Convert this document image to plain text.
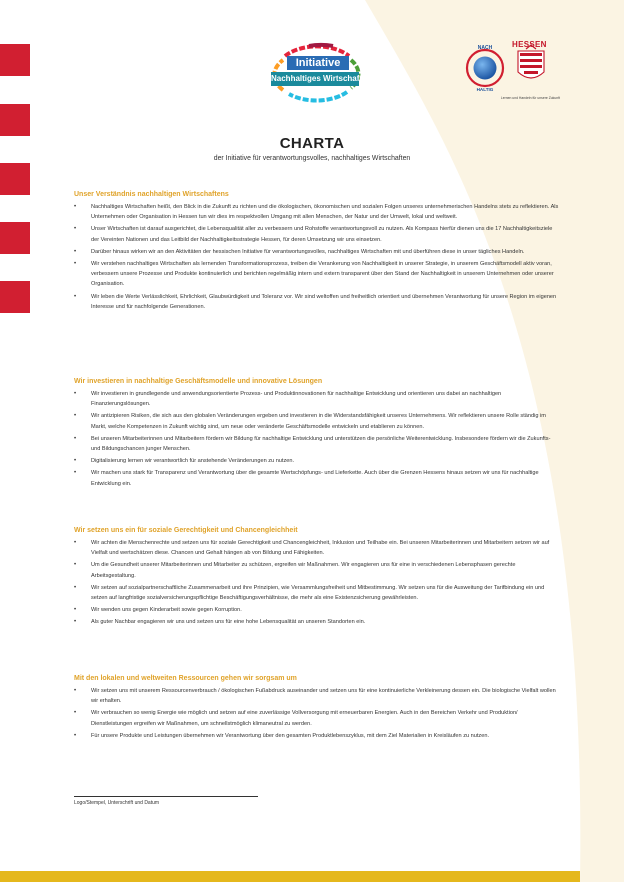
Initiative
Nachhaltiges Wirtschaften
NACH
HALTIG
HESSEN
Lernen und Handeln für unsere Zukunft
CHARTA
der Initiative für verantwortungsvolles, nachhaltiges Wirtschaften
Unser Verständnis nachhaltigen Wirtschaftens
•	Nachhaltiges Wirtschaften heißt, den Blick in die Zukunft zu richten und die ökologischen, ökonomischen und sozialen Folgen unseres unternehmerischen Handelns stets zu reflektieren. Als Unternehmen oder Organisation in Hessen tun wir dies im respektvollen Umgang mit allen Menschen, der Natur und der Umwelt, lokal und weltweit.
•	Unser Wirtschaften ist darauf ausgerichtet, die Lebensqualität aller zu verbessern und Rohstoffe verantwortungsvoll zu nutzen. Als Kompass hierfür dienen uns die 17 Nachhaltigkeitsziele der Vereinten Nationen und das Leitbild der Nachhaltigkeitsstrategie Hessen, für deren Umsetzung wir uns einsetzen.
•	Darüber hinaus wirken wir an den Aktivitäten der hessischen Initiative für verantwortungsvolles, nachhaltiges Wirtschaften mit und überführen diese in unser tägliches Handeln.
•	Wir verstehen nachhaltiges Wirtschaften als lernenden Transformationsprozess, treiben die Verankerung von Nachhaltigkeit in unserer Strategie, in unserem Geschäftsmodell aktiv voran, verbessern unsere Prozesse und Produkte kontinuierlich und berichten regelmäßig intern und extern transparent über den Stand der Nachhaltigkeit in unserem Unternehmen oder unserer Organisation.
•	Wir leben die Werte Verlässlichkeit, Ehrlichkeit, Glaubwürdigkeit und Toleranz vor. Wir sind weltoffen und freiheitlich orientiert und übernehmen Verantwortung für unsere Region im eigenen Interesse und für nachfolgende Generationen.
Wir investieren in nachhaltige Geschäftsmodelle und innovative Lösungen
•	Wir investieren in grundlegende und anwendungsorientierte Prozess- und Produktinnovationen für nachhaltige Entwicklung und orientieren uns dabei an nachhaltigen Finanzierungslösungen.
•	Wir antizipieren Risiken, die sich aus den globalen Veränderungen ergeben und investieren in die Widerstandsfähigkeit unseres Unternehmens. Wir reflektieren unsere Rolle ständig im Markt, welche Kompetenzen in Zukunft wichtig sind, um neue oder veränderte Geschäftsmodelle entwickeln und etablieren zu können.
•	Bei unseren Mitarbeiterinnen und Mitarbeitern fördern wir Bildung für nachhaltige Entwicklung und unterstützen die persönliche Weiterentwicklung. Insbesondere fördern wir die Zukunfts- und Bildungschancen junger Menschen.
•	Digitalisierung lernen wir verantwortlich für anstehende Veränderungen zu nutzen.
•	Wir machen uns stark für Transparenz und Verantwortung über die gesamte Wertschöpfungs- und Lieferkette. Auch über die Grenzen Hessens hinaus setzen wir uns für nachhaltige Entwicklung ein.
Wir setzen uns ein für soziale Gerechtigkeit und Chancengleichheit
•	Wir achten die Menschenrechte und setzen uns für soziale Gerechtigkeit und Chancengleichheit, Inklusion und Teilhabe ein. Bei unseren Mitarbeiterinnen und Mitarbeitern setzen wir auf Vielfalt und wertschätzen diese. Chancen und Gehalt hängen ab von Bildung und Fähigkeiten.
•	Um die Gesundheit unserer Mitarbeiterinnen und Mitarbeiter zu schützen, ergreifen wir Maßnahmen. Wir engagieren uns für eine in verschiedenen Lebensphasen gerechte Arbeitsgestaltung.
•	Wir setzen auf sozialpartnerschaftliche Zusammenarbeit und ihre Prinzipien, wie Versammlungsfreiheit und Mitbestimmung. Wir setzen uns für die Ausweitung der Tarifbindung ein und setzen auf langfristige sozialversicherungspflichtige Beschäftigungsverhältnisse, die mehr als eine Existenzsicherung gewährleisten.
•	Wir wenden uns gegen Kinderarbeit sowie gegen Korruption.
•	Als guter Nachbar engagieren wir uns und setzen uns für eine hohe Lebensqualität an unseren Standorten ein.
Mit den lokalen und weltweiten Ressourcen gehen wir sorgsam um
•	Wir setzen uns mit unserem Ressourcenverbrauch / ökologischen Fußabdruck auseinander und setzen uns für eine kontinuierliche Verkleinerung dessen ein. Die biologische Vielfalt wollen wir erhalten.
•	Wir verbrauchen so wenig Energie wie möglich und setzen auf eine zuverlässige Vollversorgung mit erneuerbaren Energien. Auch in den Bereichen Verkehr und Produktion/ Dienstleistungen ergreifen wir Maßnahmen, um schnellstmöglich klimaneutral zu werden.
•	Für unsere Produkte und Leistungen übernehmen wir Verantwortung über den gesamten Produktlebenszyklus, mit dem Ziel Materialien in Kreisläufen zu nutzen.
Logo/Stempel, Unterschrift und Datum
